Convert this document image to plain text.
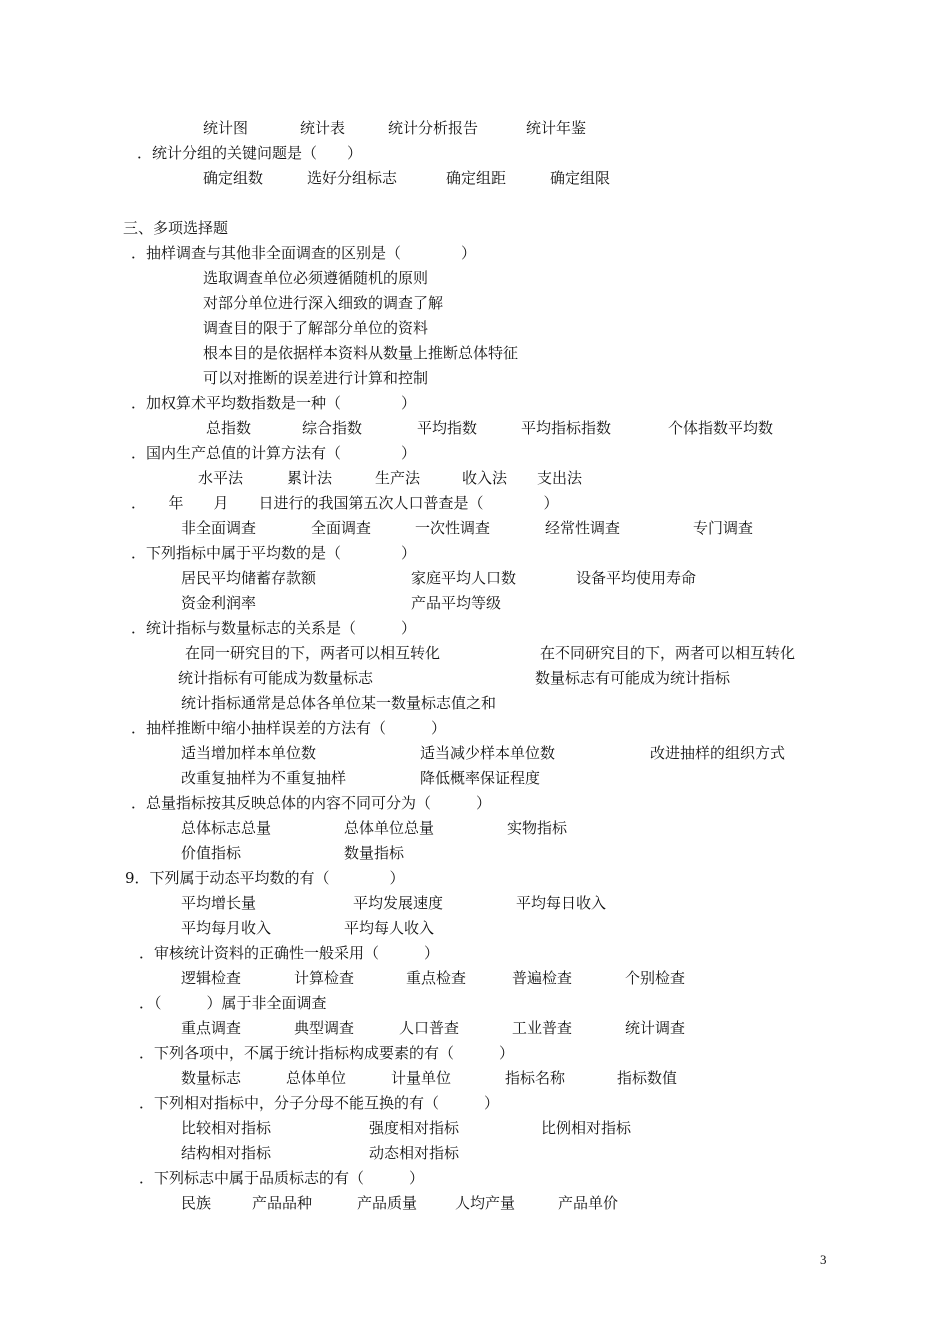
统计图	统计表	统计分析报告	统计年鉴
．统计分组的关键问题是（　　）
确定组数	选好分组标志	确定组距	确定组限
三、多项选择题
．抽样调查与其他非全面调查的区别是（　　　　）
选取调查单位必须遵循随机的原则
对部分单位进行深入细致的调查了解
调查目的限于了解部分单位的资料
根本目的是依据样本资料从数量上推断总体特征
可以对推断的误差进行计算和控制
．加权算术平均数指数是一种（　　　　）
总指数	综合指数	平均指数	平均指标指数	个体指数平均数
．国内生产总值的计算方法有（　　　　）
水平法	累计法	生产法	收入法 支出法
．　　年　　月　　日进行的我国第五次人口普查是（　　　　）
非全面调查	全面调查	一次性调查	经常性调查	专门调查
．下列指标中属于平均数的是（　　　　）
居民平均储蓄存款额	家庭平均人口数	设备平均使用寿命
资金利润率	产品平均等级
．统计指标与数量标志的关系是（　　　）
在同一研究目的下，两者可以相互转化	在不同研究目的下，两者可以相互转化
统计指标有可能成为数量标志	数量标志有可能成为统计指标
统计指标通常是总体各单位某一数量标志值之和
．抽样推断中缩小抽样误差的方法有（　　　）
适当增加样本单位数	适当减少样本单位数	改进抽样的组织方式
改重复抽样为不重复抽样	降低概率保证程度
．总量指标按其反映总体的内容不同可分为（　　　）
总体标志总量	总体单位总量	实物指标
价值指标	数量指标
9．下列属于动态平均数的有（　　　　）
平均增长量	平均发展速度	平均每日收入
平均每月收入	平均每人收入
．审核统计资料的正确性一般采用（　　　）
逻辑检查	计算检查	重点检查	普遍检查	个别检查
．（　　　）属于非全面调查
重点调查	典型调查	人口普查	工业普查	统计调查
．下列各项中，不属于统计指标构成要素的有（　　　）
数量标志	总体单位	计量单位	指标名称	指标数值
．下列相对指标中，分子分母不能互换的有（　　　）
比较相对指标	强度相对指标	比例相对指标
结构相对指标	动态相对指标
．下列标志中属于品质标志的有（　　　）
民族	产品品种	产品质量	人均产量	产品单价
3
